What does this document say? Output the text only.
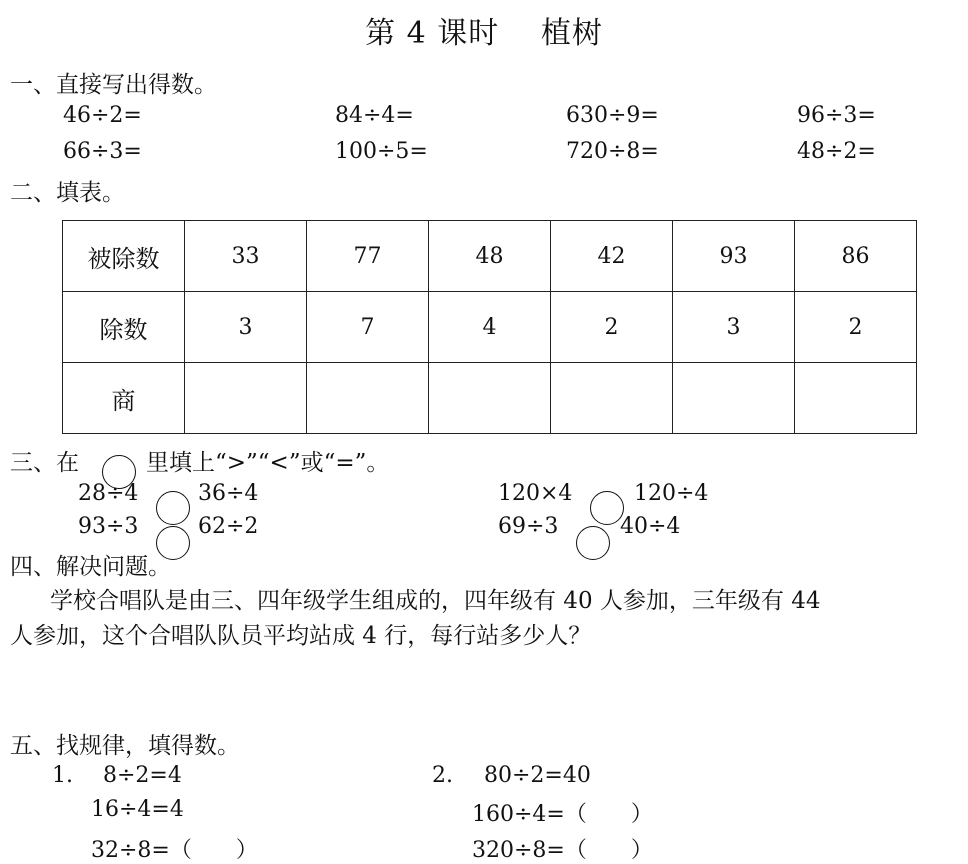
第 4 课时　 植树
一、直接写出得数。
46÷2=	84÷4=	630÷9=	96÷3=
66÷3=	100÷5=	720÷8=	48÷2=
二、填表。
被除数	33	77	48	42	93	86
除数	3	7	4	2	3	2
商						
三、在	里填上“>”“<”或“=”。
28÷4	36÷4
93÷3	62÷2
120×4	120÷4
69÷3	40÷4
四、解决问题。
学校合唱队是由三、四年级学生组成的，四年级有 40 人参加，三年级有 44
人参加，这个合唱队队员平均站成 4 行，每行站多少人？
五、找规律，填得数。
1. 8÷2=4
16÷4=4
32÷8=（　　）
2. 80÷2=40
160÷4=（　　）
320÷8=（　　）
